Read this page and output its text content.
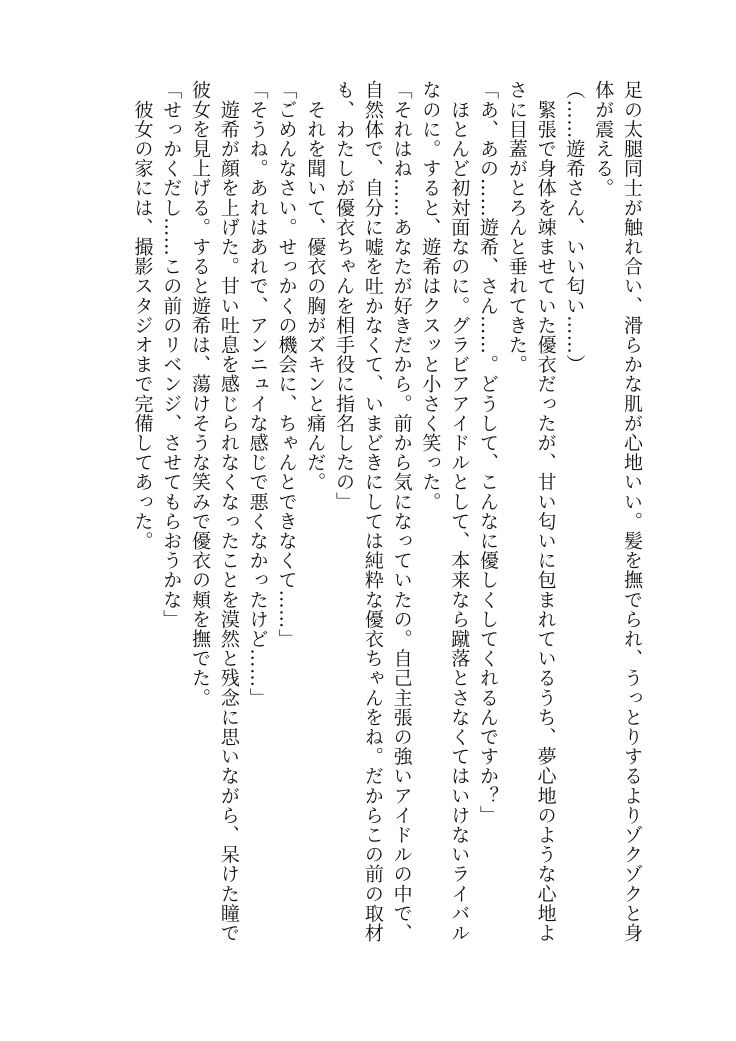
足の太腿同士が触れ合い、滑らかな肌が心地いい。髪を撫でられ、うっとりするよりゾクゾクと身

体が震える。

（……遊希さん、いい匂い……）

　緊張で身体を竦ませていた優衣だったが、甘い匂いに包まれているうち、夢心地のような心地よ

さに目蓋がとろんと垂れてきた。

「あ、あの……遊希、さん……。どうして、こんなに優しくしてくれるんですか？」

　ほとんど初対面なのに。グラビアアイドルとして、本来なら蹴落とさなくてはいけないライバル

なのに。すると、遊希はクスッと小さく笑った。

「それはね……あなたが好きだから。前から気になっていたの。自己主張の強いアイドルの中で、

自然体で、自分に嘘を吐かなくて、いまどきにしては純粋な優衣ちゃんをね。だからこの前の取材

も、わたしが優衣ちゃんを相手役に指名したの」

　それを聞いて、優衣の胸がズキンと痛んだ。

「ごめんなさい。せっかくの機会に、ちゃんとできなくて……」

「そうね。あれはあれで、アンニュイな感じで悪くなかったけど……」

　遊希が顔を上げた。甘い吐息を感じられなくなったことを漠然と残念に思いながら、呆けた瞳で

彼女を見上げる。すると遊希は、蕩けそうな笑みで優衣の頬を撫でた。

「せっかくだし……この前のリベンジ、させてもらおうかな」

　彼女の家には、撮影スタジオまで完備してあった。
